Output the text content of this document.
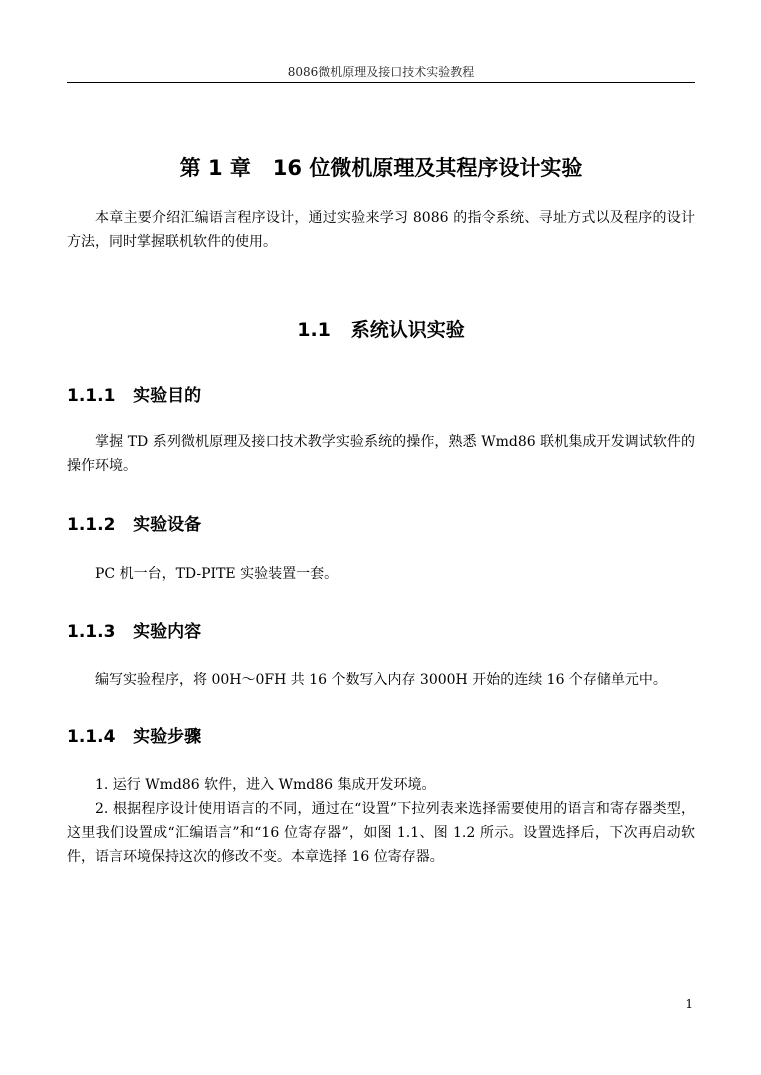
8086微机原理及接口技术实验教程
第 1 章   16 位微机原理及其程序设计实验

本章主要介绍汇编语言程序设计，通过实验来学习 8086 的指令系统、寻址方式以及程序的设计方法，同时掌握联机软件的使用。

1.1   系统认识实验
1.1.1   实验目的

掌握 TD 系列微机原理及接口技术教学实验系统的操作，熟悉 Wmd86 联机集成开发调试软件的操作环境。

1.1.2   实验设备

PC 机一台，TD-PITE 实验装置一套。

1.1.3   实验内容

编写实验程序，将 00H～0FH 共 16 个数写入内存 3000H 开始的连续 16 个存储单元中。

1.1.4   实验步骤

1. 运行 Wmd86 软件，进入 Wmd86 集成开发环境。

2. 根据程序设计使用语言的不同，通过在“设置”下拉列表来选择需要使用的语言和寄存器类型，这里我们设置成“汇编语言”和“16 位寄存器”，如图 1.1、图 1.2 所示。设置选择后，下次再启动软件，语言环境保持这次的修改不变。本章选择 16 位寄存器。

1
